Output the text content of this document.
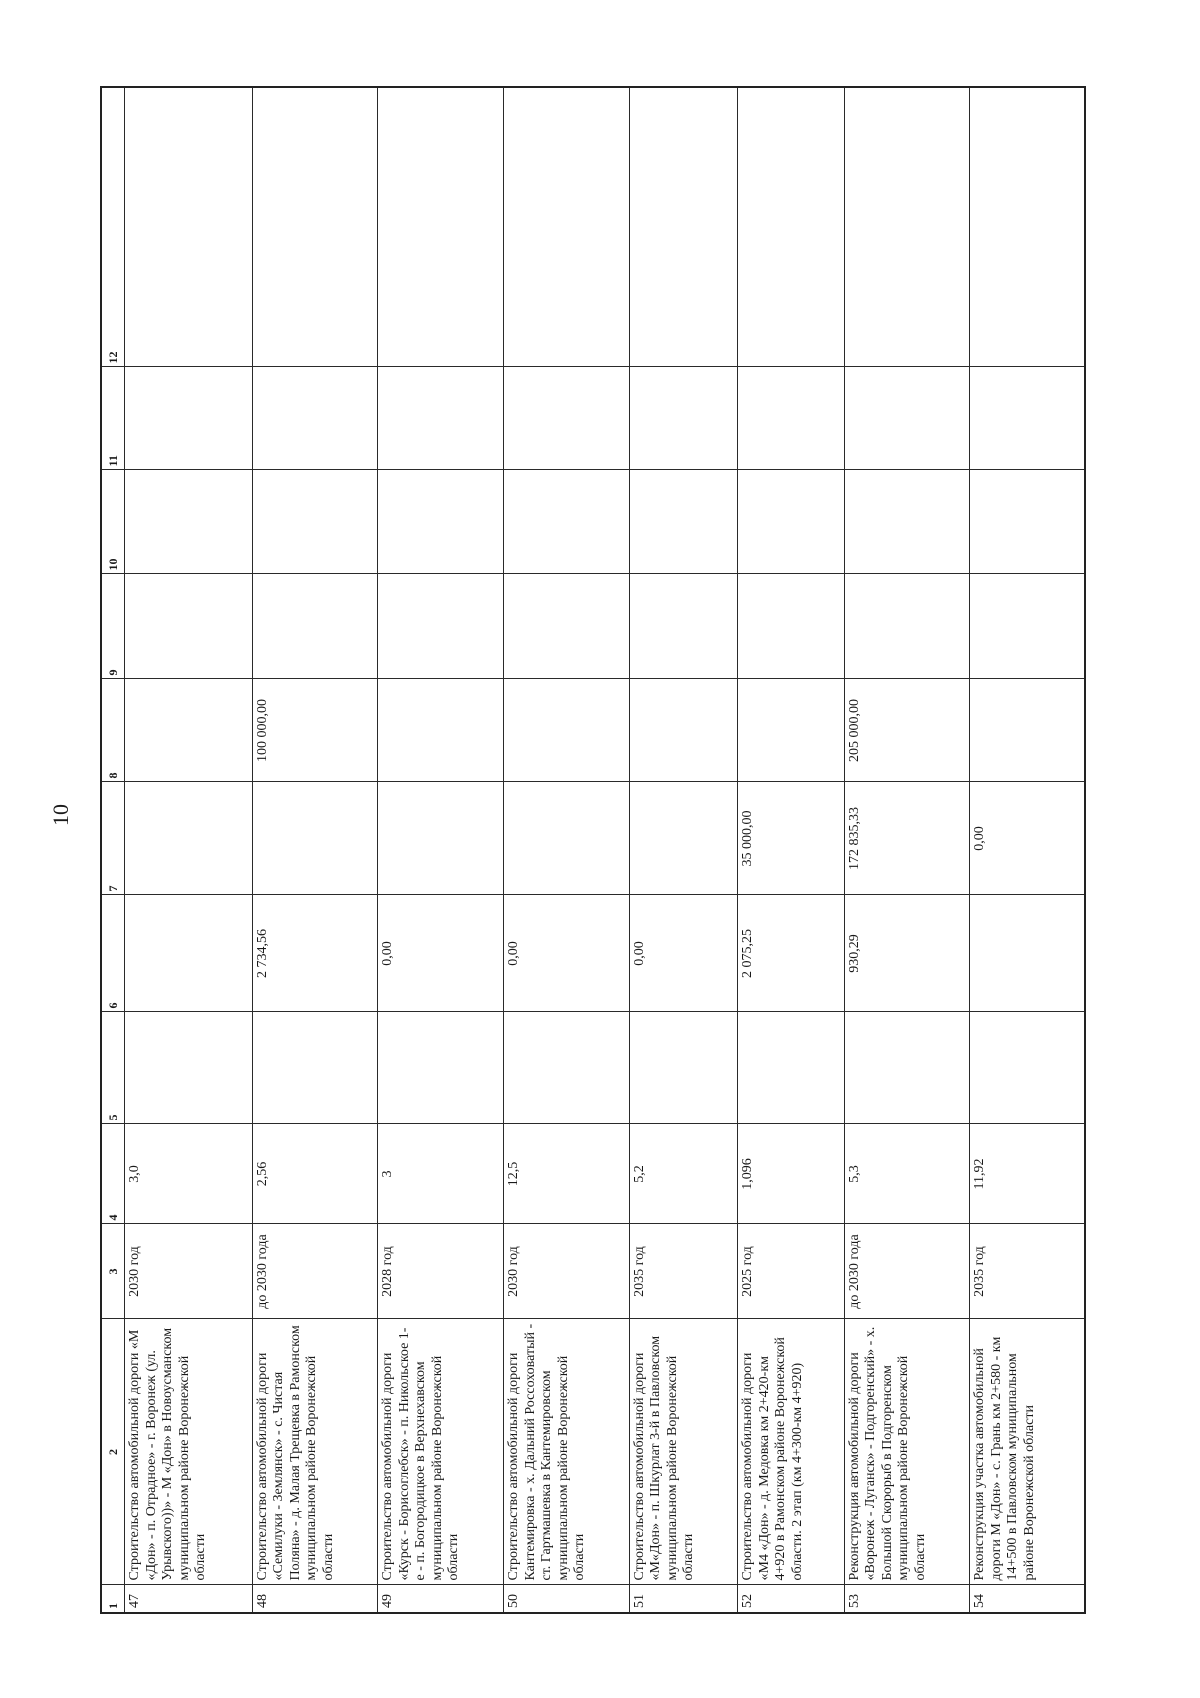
10
1	2	3	4	5	6	7	8	9	10	11	12
47	Строительство автомобильной дороги «М «Дон» - п. Отрадное» - г. Воронеж (ул. Урывского))» - М «Дон» в Новоусманском муниципальном районе Воронежской области	2030 год	3,0								
48	Строительство автомобильной дороги «Семилуки - Землянск» - с. Чистая Поляна» - д. Малая Трещевка в Рамонском муниципальном районе Воронежской области	до 2030 года	2,56		2 734,56		100 000,00				
49	Строительство автомобильной дороги «Курск - Борисоглебск» - п. Никольское 1-е - п. Богородицкое в Верхнехавском муниципальном районе Воронежской области	2028 год	3		0,00						
50	Строительство автомобильной дороги Кантемировка - х. Дальний Россоховатый - ст. Гартмашевка в Кантемировском муниципальном районе Воронежской области	2030 год	12,5		0,00						
51	Строительство автомобильной дороги «М«Дон» - п. Шкурлат 3-й в Павловском муниципальном районе Воронежской области	2035 год	5,2		0,00						
52	Строительство автомобильной дороги «М4 «Дон» - д. Медовка км 2+420-км 4+920 в Рамонском районе Воронежской области. 2 этап (км 4+300-км 4+920)	2025 год	1,096		2 075,25	35 000,00					
53	Реконструкция автомобильной дороги «Воронеж - Луганск» - Подгоренский» - х. Большой Скорорыб в Подгоренском муниципальном районе Воронежской области	до 2030 года	5,3		930,29	172 835,33	205 000,00				
54	Реконструкция участка автомобильной дороги М «Дон» - с. Грань км 2+580 - км 14+500 в Павловском муниципальном районе Воронежской области	2035 год	11,92			0,00					
